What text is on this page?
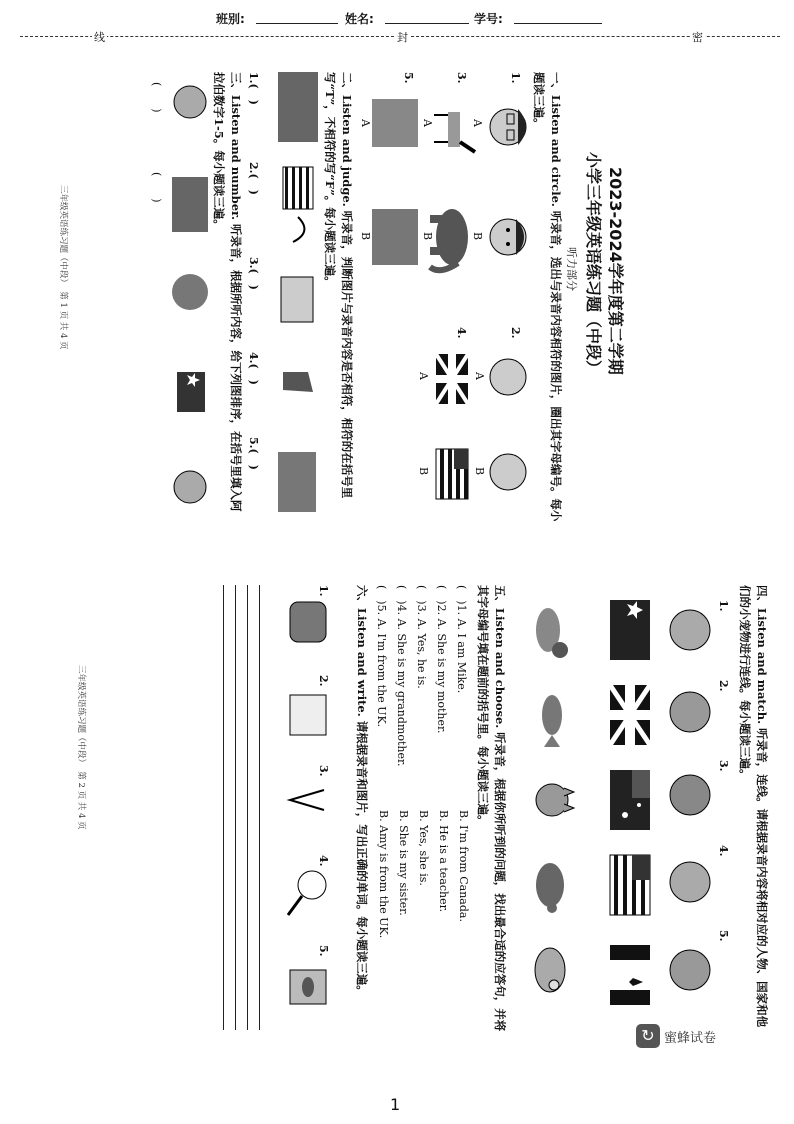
班别:	姓名:	学号:
线	封	密
2023-2024学年度第二学期
小学三年级英语练习题（中段）
听力部分
一、Listen and circle. 听录音，选出与录音内容相符的图片，圈出其字母编号。每小题读三遍。
1.
2.
3.
4.
5.
A
B
A
B
A
B
A
B
A
B
二、Listen and judge. 听录音，判断图片与录音内容是否相符，相符的在括号里写“T”，不相符的写“F”。每小题读三遍。
1.(　)
2.(　)
3.(　)
4.(　)
5.(　)
三、Listen and number. 听录音，根据所听内容，给下列图排序，在括号里填入阿拉伯数字1-5。每小题读三遍。
(　　)
(　　)
三年级英语练习题（中段）　第 1 页 共 4 页
四、Listen and match. 听录音，连线。请根据录音内容将相对应的人物、国家和他们的小宠物进行连线。每小题读三遍。
1.
2.
3.
4.
5.
五、Listen and choose. 听录音，根据你所听到的问题，找出最合适的应答句，并将其字母编号填在题前的括号里。每小题读三遍。
(　)1. A. I am Mike.
B. I'm from Canada.
(　)2. A. She is my mother.
B. He is a teacher.
(　)3. A. Yes, he is.
B. Yes, she is.
(　)4. A. She is my grandmother.
B. She is my sister.
(　)5. A. I'm from the UK.
B. Amy is from the UK.
六、Listen and write. 请根据录音和图片，写出正确的单词。每小题读三遍。
1.
2.
3.
4.
5.
三年级英语练习题（中段）　第 2 页 共 4 页
↻ 蜜蜂试卷
1
